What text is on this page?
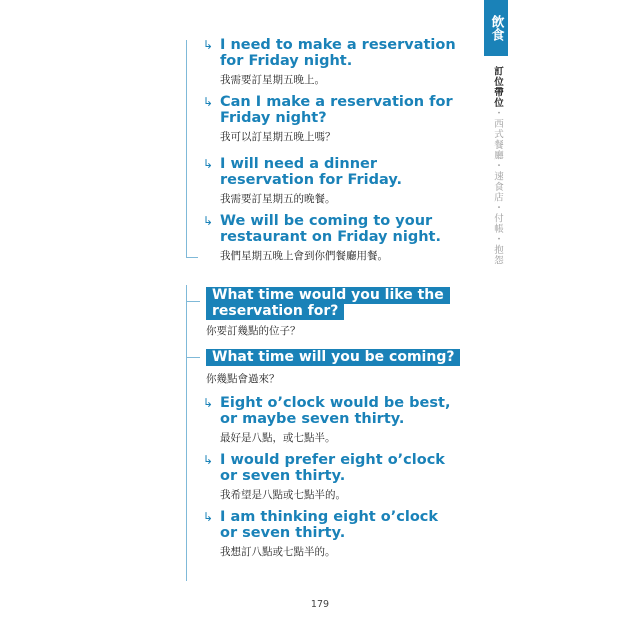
↳ I need to make a reservation for Friday night.
我需要訂星期五晚上。
↳ Can I make a reservation for Friday night?
我可以訂星期五晚上嗎？
↳ I will need a dinner reservation for Friday.
我需要訂星期五的晚餐。
↳ We will be coming to your restaurant on Friday night.
我們星期五晚上會到你們餐廳用餐。
What time would you like the
reservation for?
你要訂幾點的位子？
What time will you be coming?
你幾點會過來？
↳ Eight o’clock would be best,
or maybe seven thirty.
最好是八點，或七點半。
↳ I would prefer eight o’clock
or seven thirty.
我希望是八點或七點半的。
↳ I am thinking eight o’clock
or seven thirty.
我想訂八點或七點半的。
飲食
訂位帶位・西式餐廳・速食店・付帳・抱怨
179
